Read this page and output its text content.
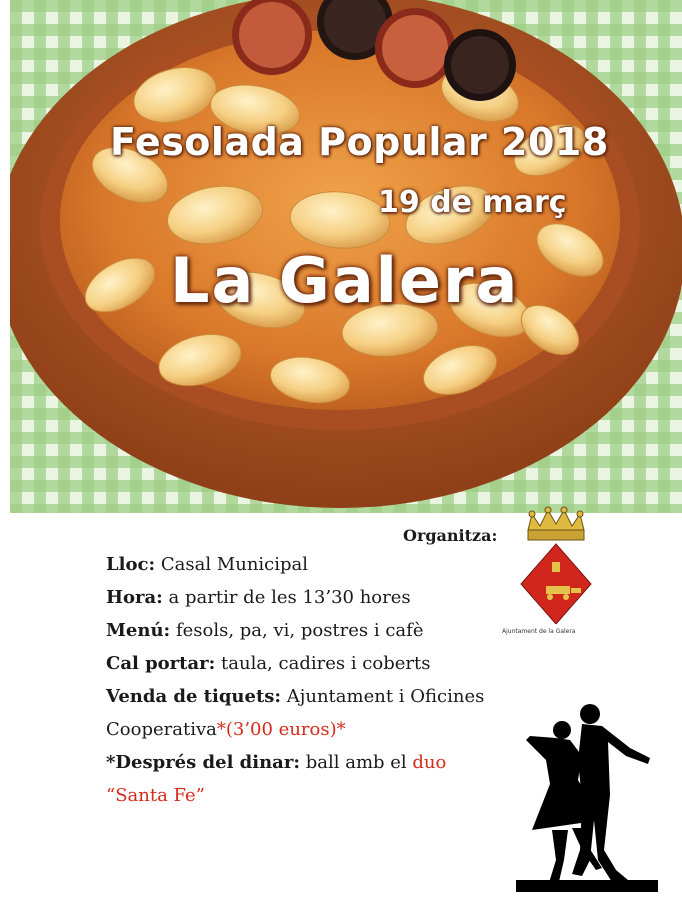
Fesolada Popular 2018
19 de març
La Galera
Organitza:
Ajuntament de la Galera
Lloc: Casal Municipal
Hora: a partir de les 13’30 hores
Menú: fesols, pa, vi, postres i cafè
Cal portar: taula, cadires i coberts
Venda de tiquets: Ajuntament i Oficines
Cooperativa*(3’00 euros)*
*Després del dinar: ball amb el duo
“Santa Fe”
